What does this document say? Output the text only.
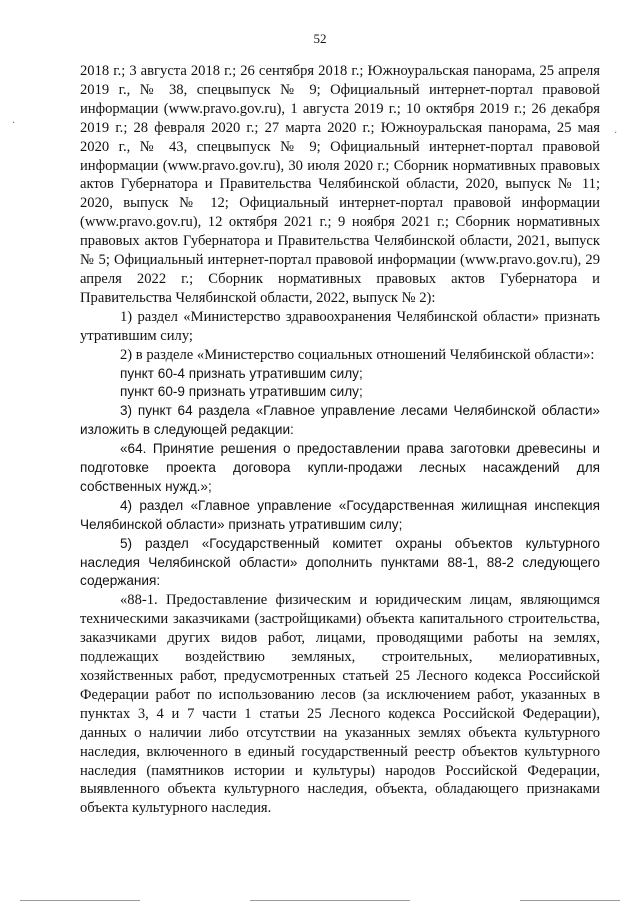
52
·
·

2018 г.; 3 августа 2018 г.; 26 сентября 2018 г.; Южноуральская панорама, 25 апреля 2019 г., № 38, спецвыпуск № 9; Официальный интернет-портал правовой информации (www.pravo.gov.ru), 1 августа 2019 г.; 10 октября 2019 г.; 26 декабря 2019 г.; 28 февраля 2020 г.; 27 марта 2020 г.; Южноуральская панорама, 25 мая 2020 г., № 43, спецвыпуск № 9; Официальный интернет-портал правовой информации (www.pravo.gov.ru), 30 июля 2020 г.; Сборник нормативных правовых актов Губернатора и Правительства Челябинской области, 2020, выпуск № 11; 2020, выпуск № 12; Официальный интернет-портал правовой информации (www.pravo.gov.ru), 12 октября 2021 г.; 9 ноября 2021 г.; Сборник нормативных правовых актов Губернатора и Правительства Челябинской области, 2021, выпуск № 5; Официальный интернет-портал правовой информации (www.pravo.gov.ru), 29 апреля 2022 г.; Сборник нормативных правовых актов Губернатора и Правительства Челябинской области, 2022, выпуск № 2):

1) раздел «Министерство здравоохранения Челябинской области» признать утратившим силу;

2) в разделе «Министерство социальных отношений Челябинской области»:

пункт 60-4 признать утратившим силу;

пункт 60-9 признать утратившим силу;

3) пункт 64 раздела «Главное управление лесами Челябинской области» изложить в следующей редакции:

«64. Принятие решения о предоставлении права заготовки древесины и подготовке проекта договора купли-продажи лесных насаждений для собственных нужд.»;

4) раздел «Главное управление «Государственная жилищная инспекция Челябинской области» признать утратившим силу;

5) раздел «Государственный комитет охраны объектов культурного наследия Челябинской области» дополнить пунктами 88-1, 88-2 следующего содержания:

«88-1. Предоставление физическим и юридическим лицам, являющимся техническими заказчиками (застройщиками) объекта капитального строительства, заказчиками других видов работ, лицами, проводящими работы на землях, подлежащих воздействию земляных, строительных, мелиоративных, хозяйственных работ, предусмотренных статьей 25 Лесного кодекса Российской Федерации работ по использованию лесов (за исключением работ, указанных в пунктах 3, 4 и 7 части 1 статьи 25 Лесного кодекса Российской Федерации), данных о наличии либо отсутствии на указанных землях объекта культурного наследия, включенного в единый государственный реестр объектов культурного наследия (памятников истории и культуры) народов Российской Федерации, выявленного объекта культурного наследия, объекта, обладающего признаками объекта культурного наследия.
